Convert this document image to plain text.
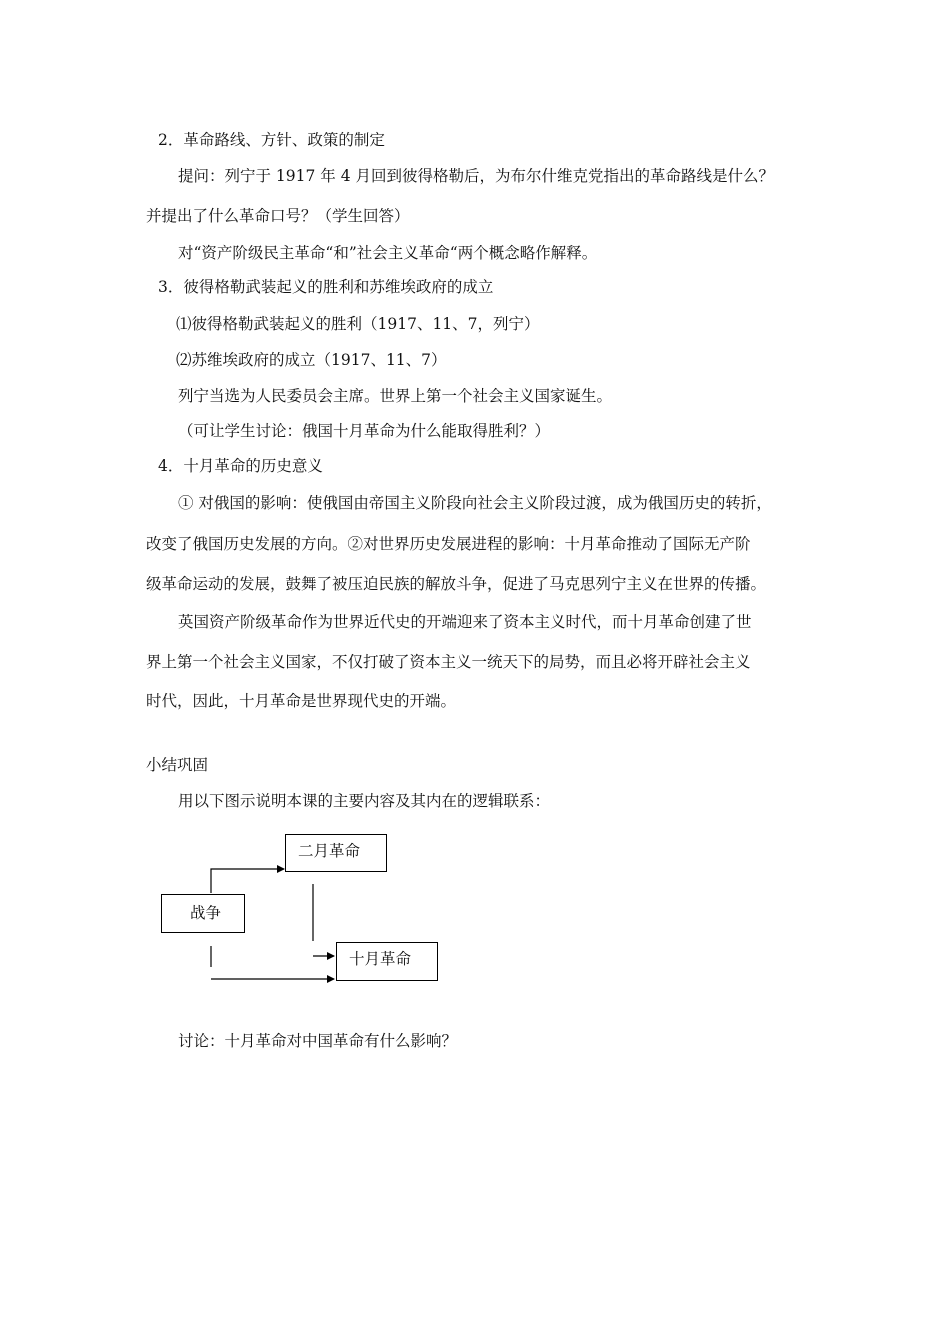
2．革命路线、方针、政策的制定
提问：列宁于 1917 年 4 月回到彼得格勒后，为布尔什维克党指出的革命路线是什么？
并提出了什么革命口号？（学生回答）
对“资产阶级民主革命“和”社会主义革命“两个概念略作解释。
3．彼得格勒武装起义的胜利和苏维埃政府的成立
⑴彼得格勒武装起义的胜利（1917、11、7，列宁）
⑵苏维埃政府的成立（1917、11、7）
列宁当选为人民委员会主席。世界上第一个社会主义国家诞生。
（可让学生讨论：俄国十月革命为什么能取得胜利？）
4．十月革命的历史意义
① 对俄国的影响：使俄国由帝国主义阶段向社会主义阶段过渡，成为俄国历史的转折，
改变了俄国历史发展的方向。②对世界历史发展进程的影响：十月革命推动了国际无产阶
级革命运动的发展，鼓舞了被压迫民族的解放斗争，促进了马克思列宁主义在世界的传播。
英国资产阶级革命作为世界近代史的开端迎来了资本主义时代，而十月革命创建了世
界上第一个社会主义国家，不仅打破了资本主义一统天下的局势，而且必将开辟社会主义
时代，因此，十月革命是世界现代史的开端。
小结巩固
用以下图示说明本课的主要内容及其内在的逻辑联系：
二月革命
战争
十月革命
讨论：十月革命对中国革命有什么影响？
